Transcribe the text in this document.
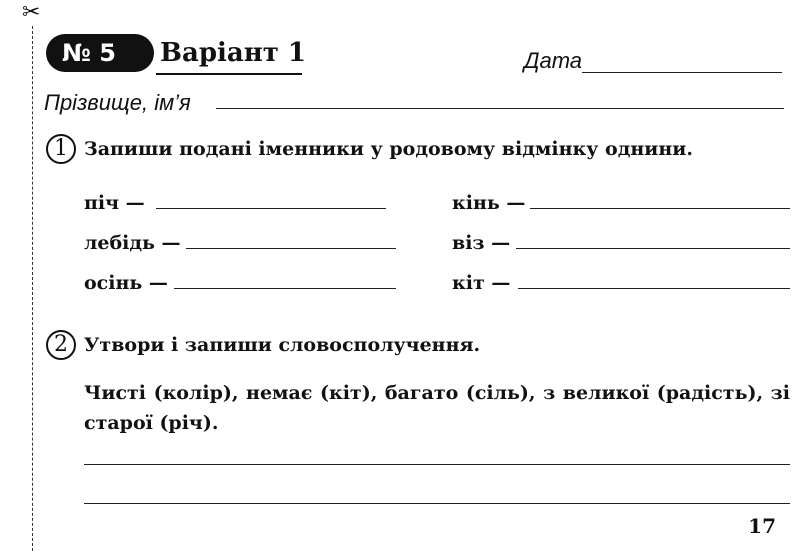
✂
№ 5	Варіант 1	Дата
Прізвище, ім’я
1 Запиши подані іменники у родовому відмінку однини.
піч —
лебідь —
осінь —
кінь —
віз —
кіт —
2 Утвори і запиши словосполучення.
Чисті (колір), немає (кіт), багато (сіль), з великої (радість), зі старої (річ).
17
